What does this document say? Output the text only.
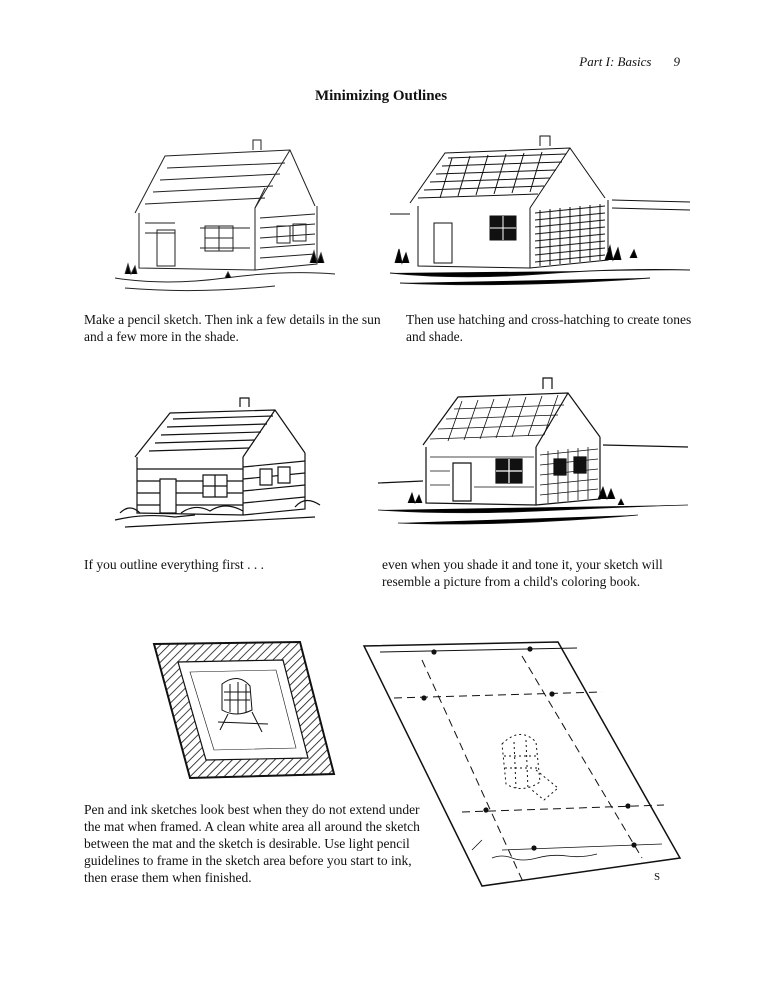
Part I: Basics 9
Minimizing Outlines
Make a pencil sketch. Then ink a few details in the sun and a few more in the shade.
Then use hatching and cross-hatching to create tones and shade.
If you outline everything first . . .	even when you shade it and tone it, your sketch will resemble a picture from a child's coloring book.
S
Pen and ink sketches look best when they do not extend under the mat when framed. A clean white area all around the sketch between the mat and the sketch is desirable. Use light pencil guidelines to frame in the sketch area before you start to ink, then erase them when finished.
